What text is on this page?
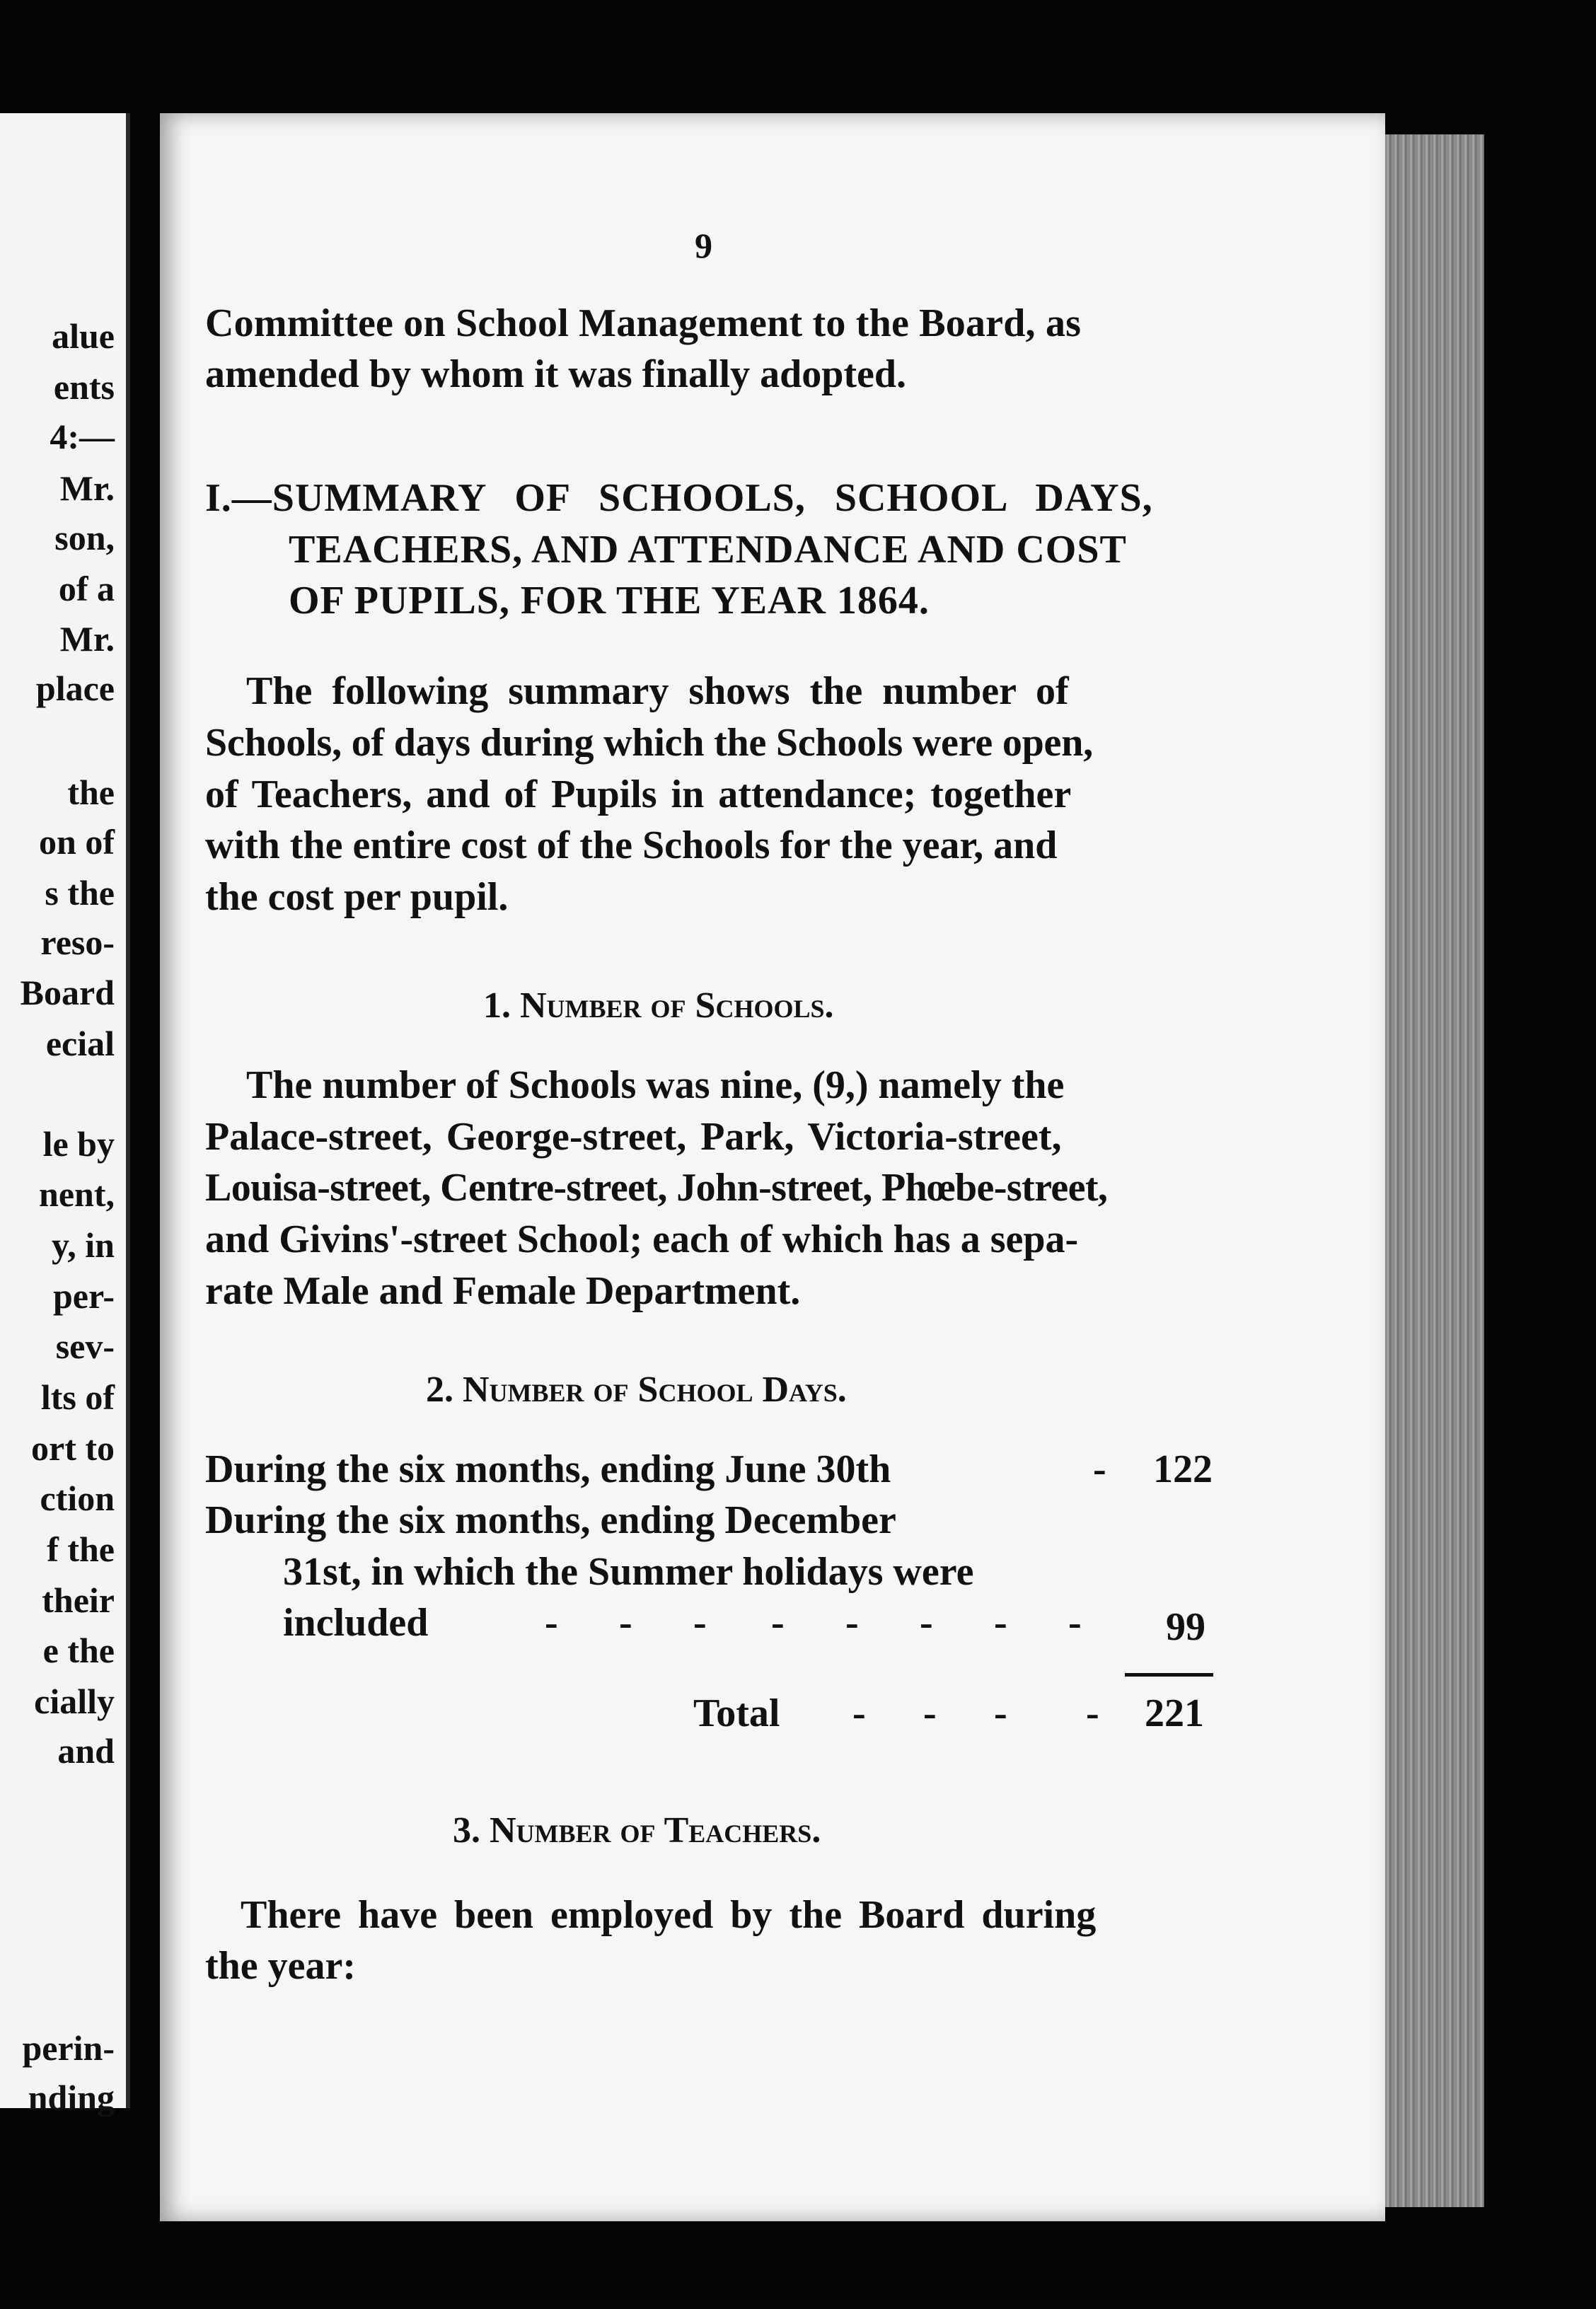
alue
ents
4:—
Mr.
son,
of a
Mr.
place
the
on of
s the
reso-
Board
ecial
le by
nent,
y, in
per-
sev-
lts of
ort to
ction
f the
their
e the
cially
and
perin-
nding
9
Committee on School Management to the Board, as
amended by whom it was finally adopted.
I.—SUMMARY OF SCHOOLS, SCHOOL DAYS,
TEACHERS, AND ATTENDANCE AND COST
OF PUPILS, FOR THE YEAR 1864.
The following summary shows the number of
Schools, of days during which the Schools were open,
of Teachers, and of Pupils in attendance; together
with the entire cost of the Schools for the year, and
the cost per pupil.
1. Number of Schools.
The number of Schools was nine, (9,) namely the
Palace-street, George-street, Park, Victoria-street,
Louisa-street, Centre-street, John-street, Phœbe-street,
and Givins'-street School; each of which has a sepa-
rate Male and Female Department.
2. Number of School Days.
During the six months, ending June 30th	- 122
During the six months, ending December
31st, in which the Summer holidays were
included	- - - - - - - - 99
Total - - - - 221
3. Number of Teachers.
There have been employed by the Board during
the year:
